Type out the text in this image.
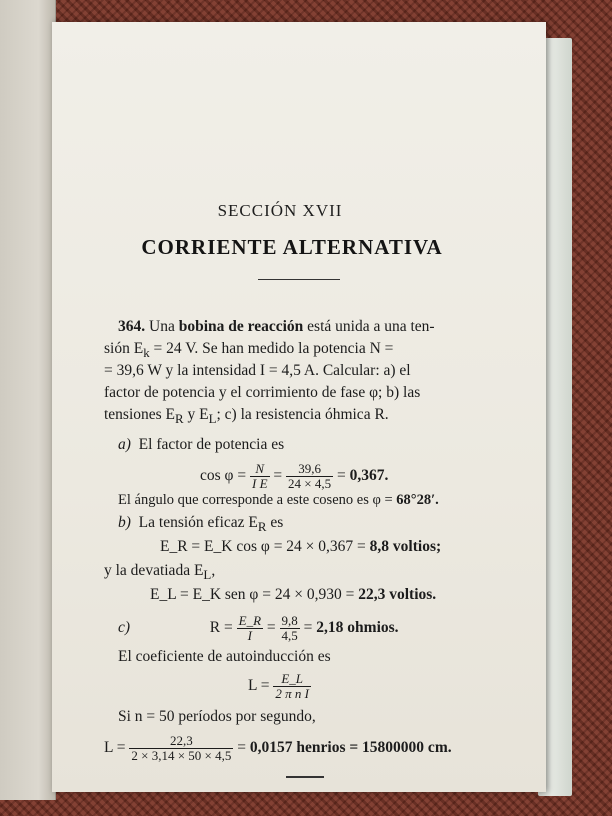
SECCIÓN XVII
CORRIENTE ALTERNATIVA
364. Una bobina de reacción está unida a una ten-
sión $E_k = 24$ V. Se han medido la potencia N =
= 39,6 W y la intensidad I = 4,5 A. Calcular: a) el
factor de potencia y el corrimiento de fase φ; b) las
tensiones $E_R$ y $E_L$; c) la resistencia óhmica R.
a) El factor de potencia es
$\cos \varphi = \frac{N}{\text{I E}} = \frac{39,6}{24 \times 4,5} = 0,367$.
El ángulo que corresponde a este coseno es φ = 68°28′.
b) La tensión eficaz $E_R$ es
E_R = E_K cos φ = 24 × 0,367 = 8,8 voltios;
y la devatiada $E_L$,
E_L = E_K sen φ = 24 × 0,930 = 22,3 voltios.
c)	$R = \frac{E\_R}{I} = \frac{9,8}{4,5} = 2,18$ ohmios.
El coeficiente de autoinducción es
$L = \frac{E\_L}{\text{2 π n I}}$
Si n = 50 períodos por segundo,
$L = \frac{22,3}{2 \times 3,14 \times 50 \times 4,5} = 0,0157$ henrios = 15800000 cm.
